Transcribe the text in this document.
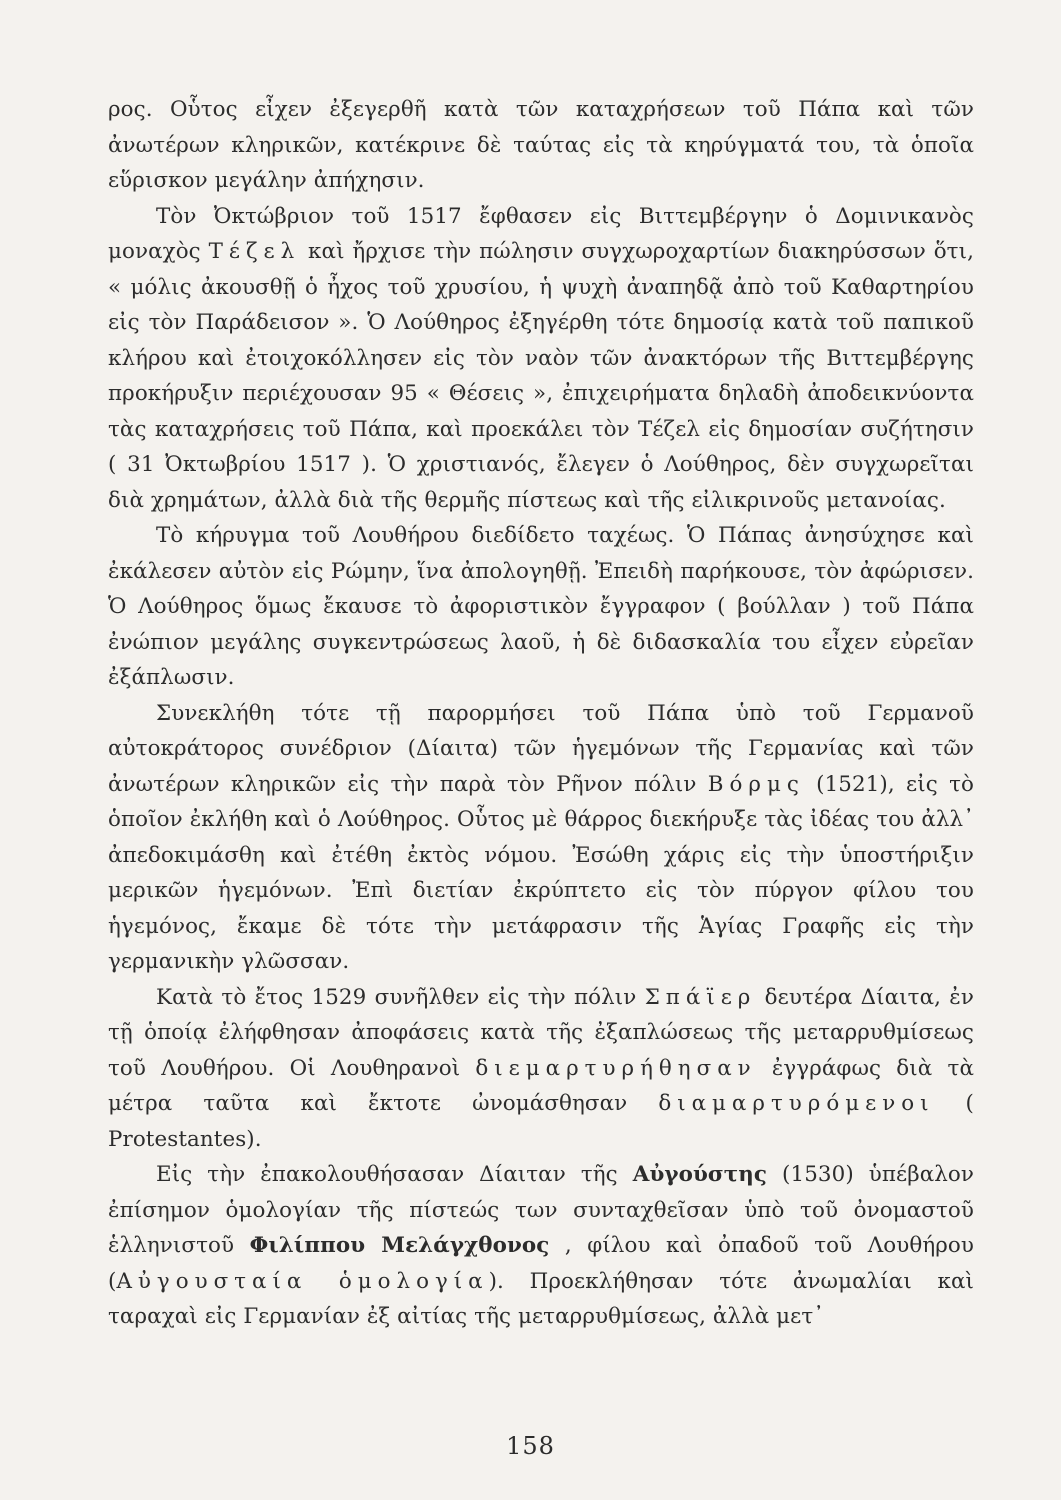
ρος. Οὗτος εἶχεν ἐξεγερθῆ κατὰ τῶν καταχρήσεων τοῦ Πάπα καὶ τῶν ἀνωτέρων κληρικῶν, κατέκρινε δὲ ταύτας εἰς τὰ κηρύγματά του, τὰ ὁποῖα εὕρισκον μεγάλην ἀπήχησιν.

Τὸν Ὀκτώβριον τοῦ 1517 ἔφθασεν εἰς Βιττεμβέργην ὁ Δομινικανὸς μοναχὸς Τέζελ καὶ ἤρχισε τὴν πώλησιν συγχωροχαρτίων διακηρύσσων ὅτι, « μόλις ἀκουσθῇ ὁ ἦχος τοῦ χρυσίου, ἡ ψυχὴ ἀναπηδᾷ ἀπὸ τοῦ Καθαρτηρίου εἰς τὸν Παράδεισον ». Ὁ Λούθηρος ἐξηγέρθη τότε δημοσίᾳ κατὰ τοῦ παπικοῦ κλήρου καὶ ἐτοιχοκόλλησεν εἰς τὸν ναὸν τῶν ἀνακτόρων τῆς Βιττεμβέργης προκήρυξιν περιέχουσαν 95 « Θέσεις », ἐπιχειρήματα δηλαδὴ ἀποδεικνύοντα τὰς καταχρήσεις τοῦ Πάπα, καὶ προεκάλει τὸν Τέζελ εἰς δημοσίαν συζήτησιν ( 31 Ὀκτωβρίου 1517 ). Ὁ χριστιανός, ἔλεγεν ὁ Λούθηρος, δὲν συγχωρεῖται διὰ χρημάτων, ἀλλὰ διὰ τῆς θερμῆς πίστεως καὶ τῆς εἰλικρινοῦς μετανοίας.

Τὸ κήρυγμα τοῦ Λουθήρου διεδίδετο ταχέως. Ὁ Πάπας ἀνησύχησε καὶ ἐκάλεσεν αὐτὸν εἰς Ρώμην, ἵνα ἀπολογηθῇ. Ἐπειδὴ παρήκουσε, τὸν ἀφώρισεν. Ὁ Λούθηρος ὅμως ἔκαυσε τὸ ἀφοριστικὸν ἔγγραφον ( βούλλαν ) τοῦ Πάπα ἐνώπιον μεγάλης συγκεντρώσεως λαοῦ, ἡ δὲ διδασκαλία του εἶχεν εὐρεῖαν ἐξάπλωσιν.

Συνεκλήθη τότε τῇ παρορμήσει τοῦ Πάπα ὑπὸ τοῦ Γερμανοῦ αὐτοκράτορος συνέδριον (Δίαιτα) τῶν ἡγεμόνων τῆς Γερμανίας καὶ τῶν ἀνωτέρων κληρικῶν εἰς τὴν παρὰ τὸν Ρῆνον πόλιν Βόρμς (1521), εἰς τὸ ὁποῖον ἐκλήθη καὶ ὁ Λούθηρος. Οὗτος μὲ θάρρος διεκήρυξε τὰς ἰδέας του ἀλλ᾽ ἀπεδοκιμάσθη καὶ ἐτέθη ἐκτὸς νόμου. Ἐσώθη χάρις εἰς τὴν ὑποστήριξιν μερικῶν ἡγεμόνων. Ἐπὶ διετίαν ἐκρύπτετο εἰς τὸν πύργον φίλου του ἡγεμόνος, ἔκαμε δὲ τότε τὴν μετάφρασιν τῆς Ἁγίας Γραφῆς εἰς τὴν γερμανικὴν γλῶσσαν.

Κατὰ τὸ ἔτος 1529 συνῆλθεν εἰς τὴν πόλιν Σπάϊερ δευτέρα Δίαιτα, ἐν τῇ ὁποίᾳ ἐλήφθησαν ἀποφάσεις κατὰ τῆς ἐξαπλώσεως τῆς μεταρρυθμίσεως τοῦ Λουθήρου. Οἱ Λουθηρανοὶ διεμαρτυρήθησαν ἐγγράφως διὰ τὰ μέτρα ταῦτα καὶ ἔκτοτε ὠνομάσθησαν διαμαρτυρόμενοι ( Protestantes).

Εἰς τὴν ἐπακολουθήσασαν Δίαιταν τῆς Αὐγούστης (1530) ὑπέβαλον ἐπίσημον ὁμολογίαν τῆς πίστεώς των συνταχθεῖσαν ὑπὸ τοῦ ὀνομαστοῦ ἑλληνιστοῦ Φιλίππου Μελάγχθονος , φίλου καὶ ὀπαδοῦ τοῦ Λουθήρου (Αὐγουσταία ὁμολογία). Προεκλήθησαν τότε ἀνωμαλίαι καὶ ταραχαὶ εἰς Γερμανίαν ἐξ αἰτίας τῆς μεταρρυθμίσεως, ἀλλὰ μετ᾽

158
